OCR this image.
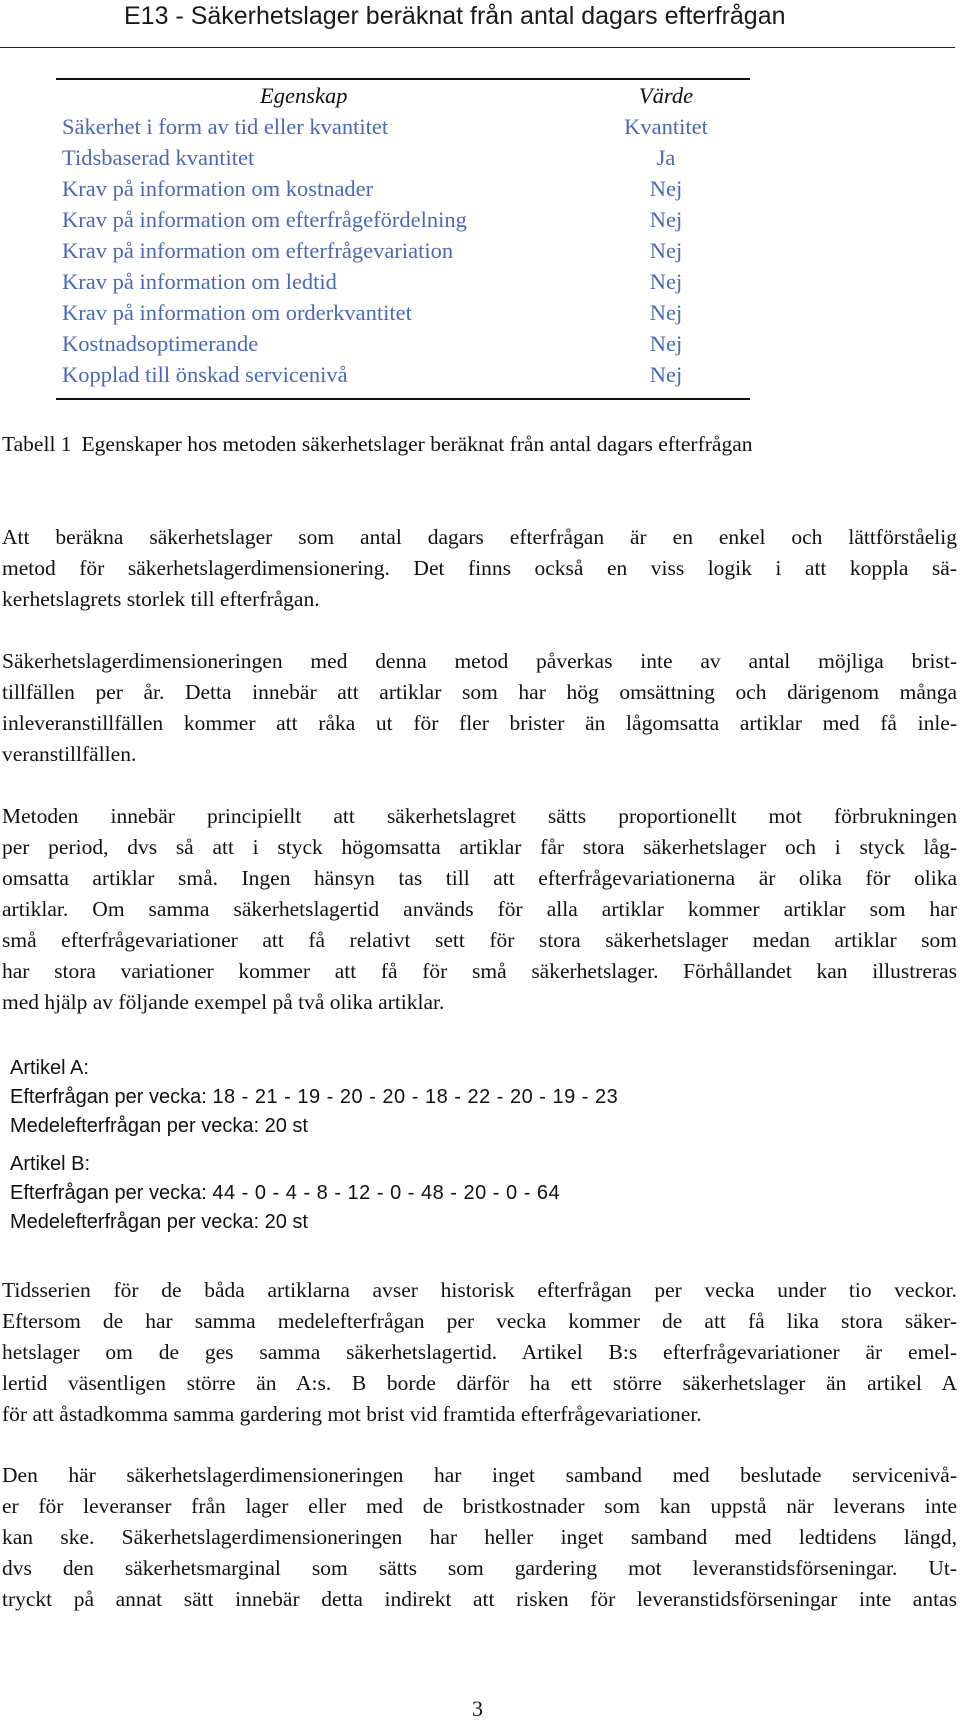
E13 - Säkerhetslager beräknat från antal dagars efterfrågan
Egenskap	Värde
Säkerhet i form av tid eller kvantitet	Kvantitet
Tidsbaserad kvantitet	Ja
Krav på information om kostnader	Nej
Krav på information om efterfrågefördelning	Nej
Krav på information om efterfrågevariation	Nej
Krav på information om ledtid	Nej
Krav på information om orderkvantitet	Nej
Kostnadsoptimerande	Nej
Kopplad till önskad servicenivå	Nej
Tabell 1 Egenskaper hos metoden säkerhetslager beräknat från antal dagars efterfrågan
Att beräkna säkerhetslager som antal dagars efterfrågan är en enkel och lättförståelig
metod för säkerhetslagerdimensionering. Det finns också en viss logik i att koppla sä-
kerhetslagrets storlek till efterfrågan.
Säkerhetslagerdimensioneringen med denna metod påverkas inte av antal möjliga brist-
tillfällen per år. Detta innebär att artiklar som har hög omsättning och därigenom många
inleveranstillfällen kommer att råka ut för fler brister än lågomsatta artiklar med få inle-
veranstillfällen.
Metoden innebär principiellt att säkerhetslagret sätts proportionellt mot förbrukningen
per period, dvs så att i styck högomsatta artiklar får stora säkerhetslager och i styck låg-
omsatta artiklar små. Ingen hänsyn tas till att efterfrågevariationerna är olika för olika
artiklar. Om samma säkerhetslagertid används för alla artiklar kommer artiklar som har
små efterfrågevariationer att få relativt sett för stora säkerhetslager medan artiklar som
har stora variationer kommer att få för små säkerhetslager. Förhållandet kan illustreras
med hjälp av följande exempel på två olika artiklar.
Artikel A:
Efterfrågan per vecka: 18 - 21 - 19 - 20 - 20 - 18 - 22 - 20 - 19 - 23
Medelefterfrågan per vecka: 20 st
Artikel B:
Efterfrågan per vecka: 44 - 0 - 4 - 8 - 12 - 0 - 48 - 20 - 0 - 64
Medelefterfrågan per vecka: 20 st
Tidsserien för de båda artiklarna avser historisk efterfrågan per vecka under tio veckor.
Eftersom de har samma medelefterfrågan per vecka kommer de att få lika stora säker-
hetslager om de ges samma säkerhetslagertid. Artikel B:s efterfrågevariationer är emel-
lertid väsentligen större än A:s. B borde därför ha ett större säkerhetslager än artikel A
för att åstadkomma samma gardering mot brist vid framtida efterfrågevariationer.
Den här säkerhetslagerdimensioneringen har inget samband med beslutade servicenivå-
er för leveranser från lager eller med de bristkostnader som kan uppstå när leverans inte
kan ske. Säkerhetslagerdimensioneringen har heller inget samband med ledtidens längd,
dvs den säkerhetsmarginal som sätts som gardering mot leveranstidsförseningar. Ut-
tryckt på annat sätt innebär detta indirekt att risken för leveranstidsförseningar inte antas
3
